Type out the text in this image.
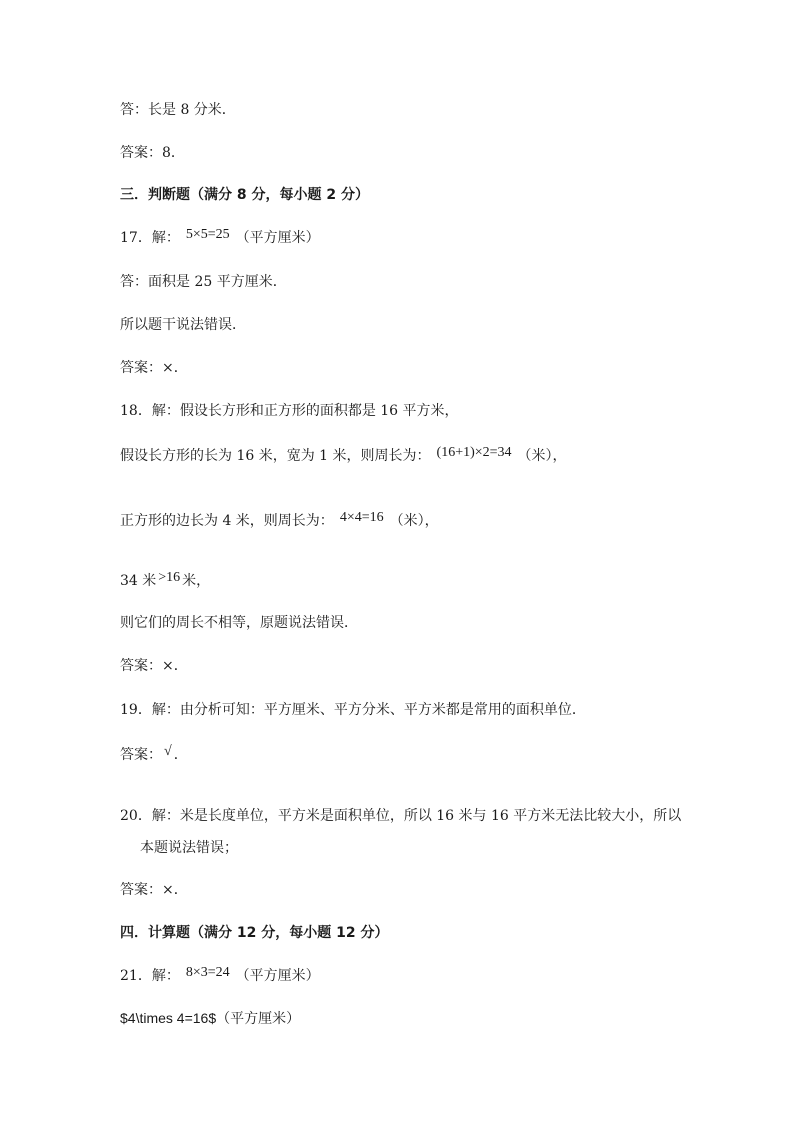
答：长是 8 分米．
答案：8．
三．判断题（满分 8 分，每小题 2 分）
17．解： 5×5=25 （平方厘米）
答：面积是 25 平方厘米．
所以题干说法错误．
答案：×．
18．解：假设长方形和正方形的面积都是 16 平方米，
假设长方形的长为 16 米，宽为 1 米，则周长为： (16+1)×2=34 （米），
正方形的边长为 4 米，则周长为： 4×4=16 （米），
34 米 >16 米，
则它们的周长不相等，原题说法错误．
答案：×．
19．解：由分析可知：平方厘米、平方分米、平方米都是常用的面积单位．
答案： √ ．
20．解：米是长度单位，平方米是面积单位，所以 16 米与 16 平方米无法比较大小，所以
本题说法错误；
答案：×．
四．计算题（满分 12 分，每小题 12 分）
21．解： 8×3=24 （平方厘米）
$4\times 4=16$（平方厘米）
